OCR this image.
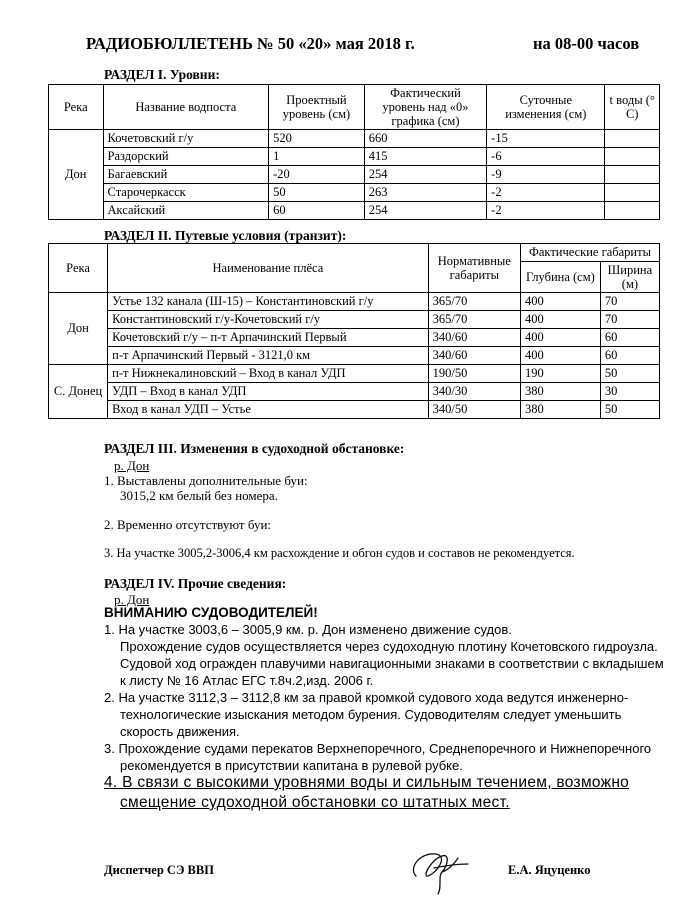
РАДИОБЮЛЛЕТЕНЬ № 50 «20» мая 2018 г.	на 08-00 часов
РАЗДЕЛ I. Уровни:
Река	Название водпоста	Проектный уровень (см)	Фактический уровень над «0» графика (см)	Суточные изменения (см)	t воды (° С)
Дон	Кочетовский г/у	520	660	-15	
	Раздорский	1	415	-6	
	Багаевский	-20	254	-9	
	Старочеркасск	50	263	-2	
	Аксайский	60	254	-2	
РАЗДЕЛ II. Путевые условия (транзит):
Река	Наименование плёса	Нормативные габариты	Фактические габариты	
			Глубина (см)	Ширина (м)
Дон	Устье 132 канала (Ш-15) – Константиновский г/у	365/70	400	70
	Константиновский г/у-Кочетовский г/у	365/70	400	70
	Кочетовский г/у – п-т Арпачинский Первый	340/60	400	60
	п-т Арпачинский Первый - 3121,0 км	340/60	400	60
С. Донец	п-т Нижнекалиновский – Вход в канал УДП	190/50	190	50
	УДП – Вход в канал УДП	340/30	380	30
	Вход в канал УДП – Устье	340/50	380	50
РАЗДЕЛ III. Изменения в судоходной обстановке:
р. Дон
1. Выставлены дополнительные буи:
3015,2 км белый без номера.
2. Временно отсутствуют буи:
3. На участке 3005,2-3006,4 км расхождение и обгон судов и составов не рекомендуется.
РАЗДЕЛ IV. Прочие сведения:
р. Дон
ВНИМАНИЮ СУДОВОДИТЕЛЕЙ!
1. На участке 3003,6 – 3005,9 км. р. Дон изменено движение судов.
Прохождение судов осуществляется через судоходную плотину Кочетовского гидроузла.
Судовой ход огражден плавучими навигационными знаками в соответствии с вкладышем
к листу № 16 Атлас ЕГС т.8ч.2,изд. 2006 г.
2. На участке 3112,3 – 3112,8 км за правой кромкой судового хода ведутся инженерно-
технологические изыскания методом бурения. Судоводителям следует уменьшить
скорость движения.
3. Прохождение судами перекатов Верхнепоречного, Среднепоречного и Нижнепоречного
рекомендуется в присутствии капитана в рулевой рубке.
4. В связи с высокими уровнями воды и сильным течением, возможно
смещение судоходной обстановки со штатных мест.
Диспетчер СЭ ВВП	Е.А. Яцуценко
